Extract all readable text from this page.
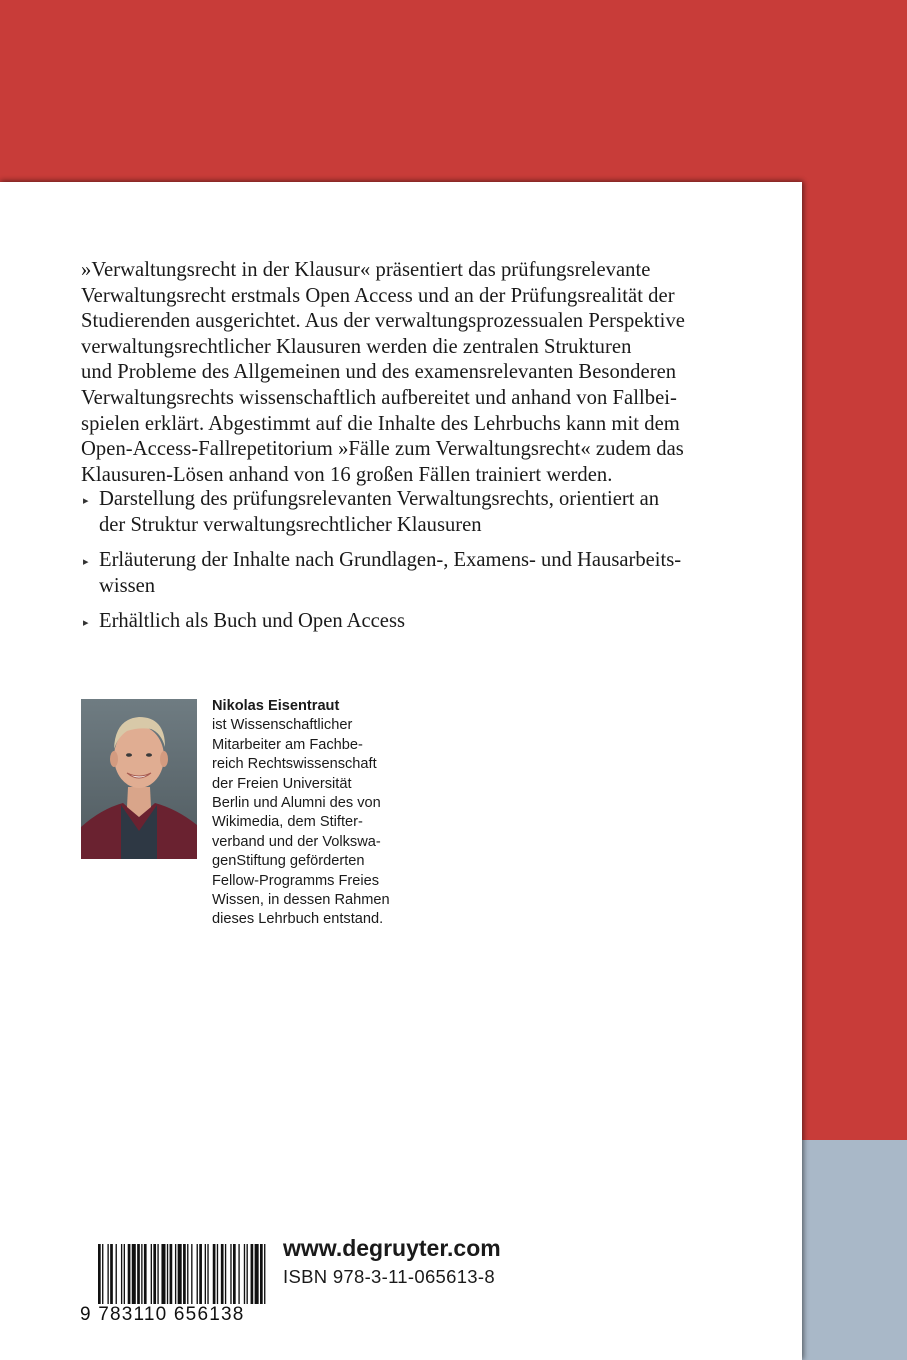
»Verwaltungsrecht in der Klausur« präsentiert das prüfungsrelevante
Verwaltungsrecht erstmals Open Access und an der Prüfungsrealität der
Studierenden ausgerichtet. Aus der verwaltungsprozessualen Perspektive
verwaltungsrechtlicher Klausuren werden die zentralen Strukturen
und Probleme des Allgemeinen und des examensrelevanten Besonderen
Verwaltungsrechts wissenschaftlich aufbereitet und anhand von Fallbei-
spielen erklärt. Abgestimmt auf die Inhalte des Lehrbuchs kann mit dem
Open-Access-Fallrepetitorium »Fälle zum Verwaltungsrecht« zudem das
Klausuren-Lösen anhand von 16 großen Fällen trainiert werden.

▸ Darstellung des prüfungsrelevanten Verwaltungsrechts, orientiert an
der Struktur verwaltungsrechtlicher Klausuren
▸ Erläuterung der Inhalte nach Grundlagen-, Examens- und Hausarbeits-
wissen
▸ Erhältlich als Buch und Open Access
Nikolas Eisentraut
ist Wissenschaftlicher
Mitarbeiter am Fachbe-
reich Rechtswissenschaft
der Freien Universität
Berlin und Alumni des von
Wikimedia, dem Stifter-
verband und der Volkswa-
genStiftung geförderten
Fellow-Programms Freies
Wissen, in dessen Rahmen
dieses Lehrbuch entstand.
9 783110 656138
www.degruyter.com
ISBN 978-3-11-065613-8
